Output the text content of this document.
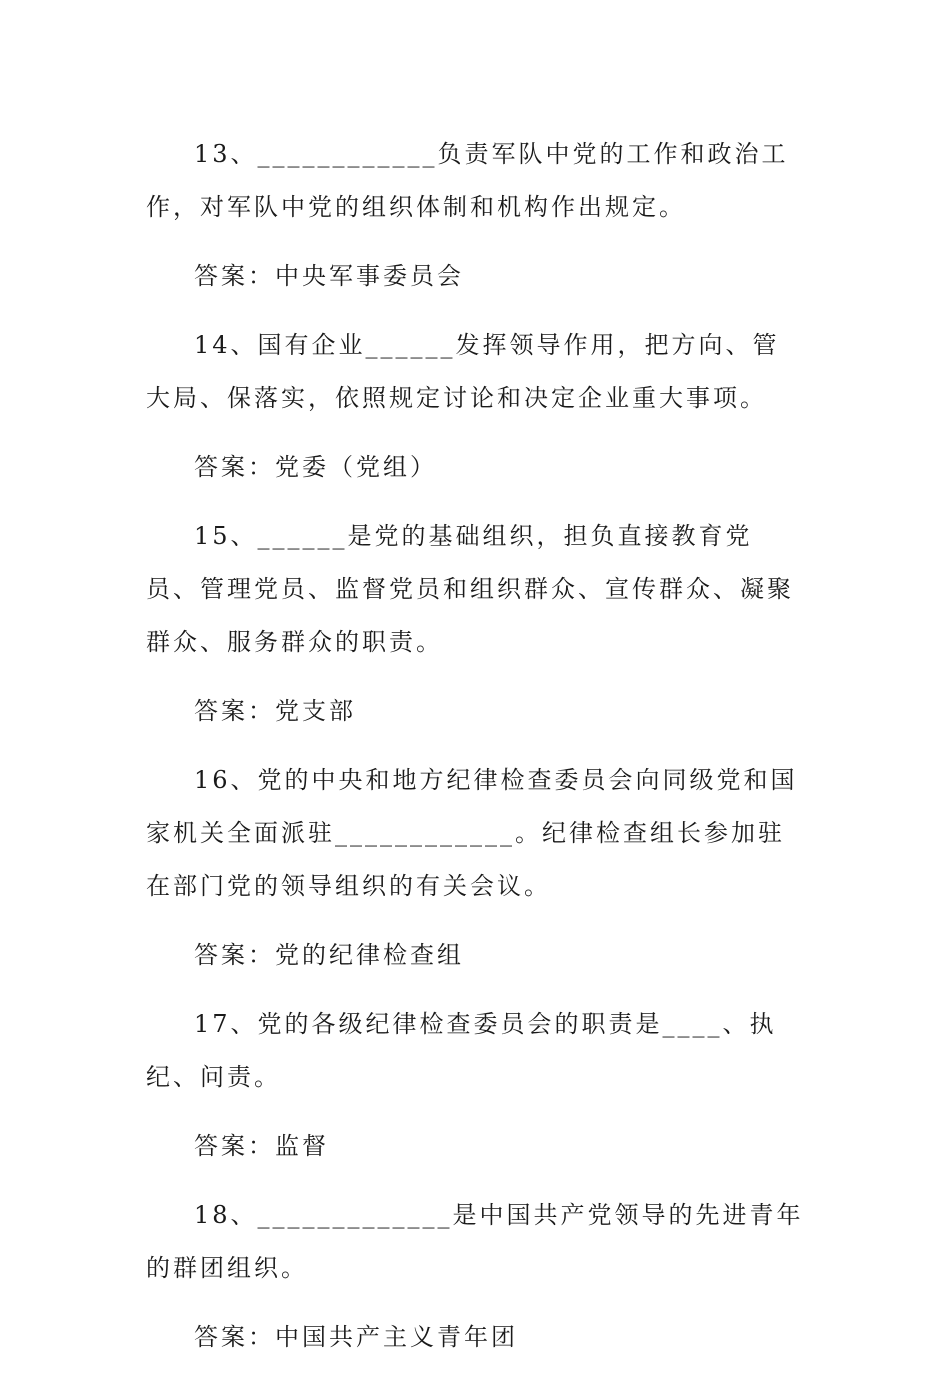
13、____________负责军队中党的工作和政治工作，对军队中党的组织体制和机构作出规定。

答案：中央军事委员会

14、国有企业______发挥领导作用，把方向、管大局、保落实，依照规定讨论和决定企业重大事项。

答案：党委（党组）

15、______是党的基础组织，担负直接教育党员、管理党员、监督党员和组织群众、宣传群众、凝聚群众、服务群众的职责。

答案：党支部

16、党的中央和地方纪律检查委员会向同级党和国家机关全面派驻____________。纪律检查组长参加驻在部门党的领导组织的有关会议。

答案：党的纪律检查组

17、党的各级纪律检查委员会的职责是____、执纪、问责。

答案：监督

18、_____________是中国共产党领导的先进青年的群团组织。

答案：中国共产主义青年团
